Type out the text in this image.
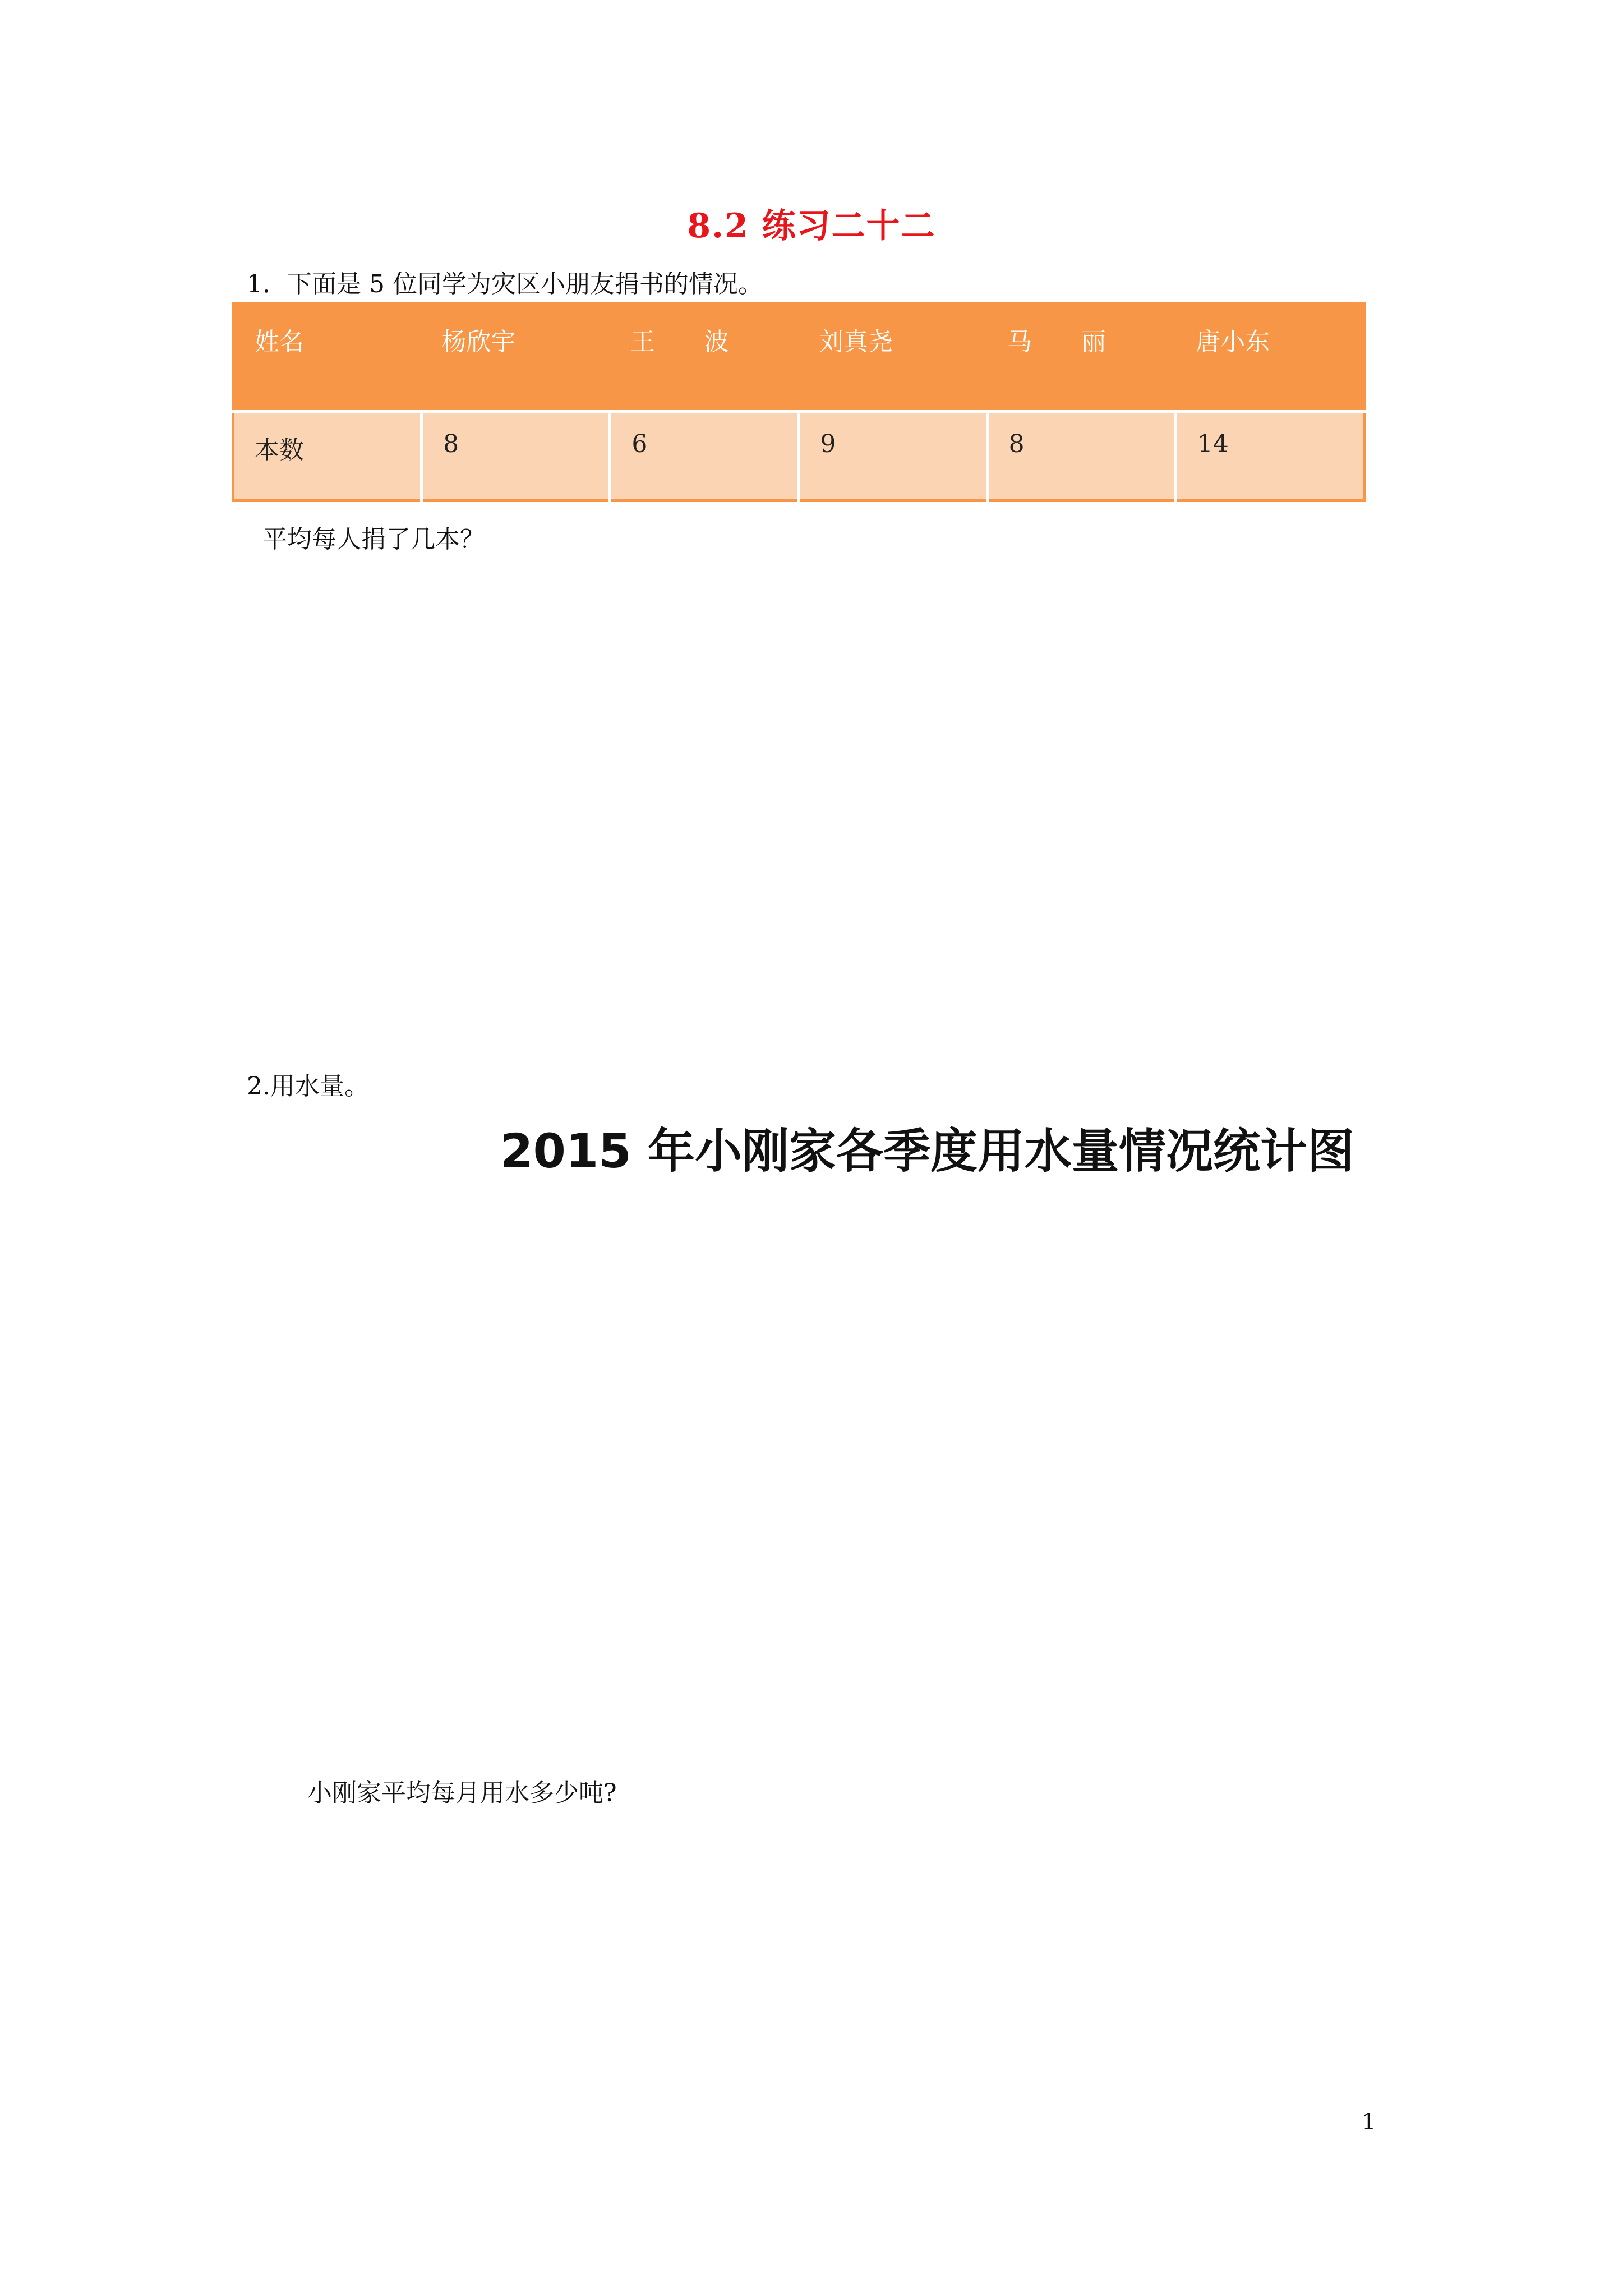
8.2 练习二十二
1．下面是 5 位同学为灾区小朋友捐书的情况。
姓名	杨欣宇	王　　波	刘真尧	马　　丽	唐小东
本数	8	6	9	8	14
平均每人捐了几本？
2.用水量。
2015 年小刚家各季度用水量情况统计图
小刚家平均每月用水多少吨?
1
